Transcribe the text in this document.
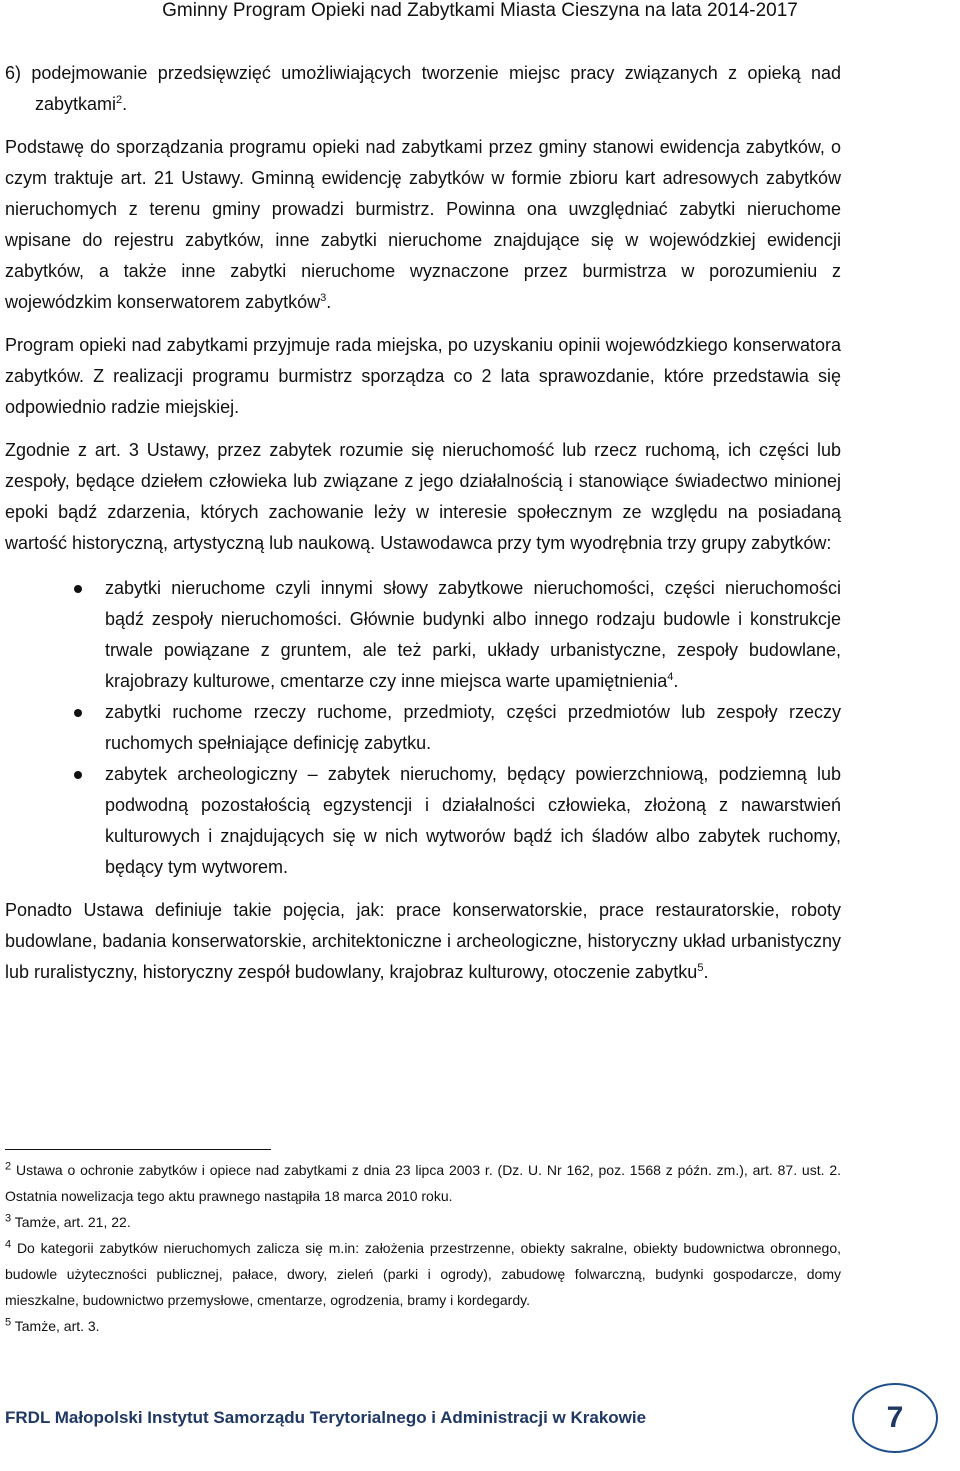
Gminny Program Opieki nad Zabytkami Miasta Cieszyna na lata 2014-2017

6) podejmowanie przedsięwzięć umożliwiających tworzenie miejsc pracy związanych z opieką nad zabytkami$^2$.

Podstawę do sporządzania programu opieki nad zabytkami przez gminy stanowi ewidencja zabytków, o czym traktuje art. 21 Ustawy. Gminną ewidencję zabytków w formie zbioru kart adresowych zabytków nieruchomych z terenu gminy prowadzi burmistrz. Powinna ona uwzględniać zabytki nieruchome wpisane do rejestru zabytków, inne zabytki nieruchome znajdujące się w wojewódzkiej ewidencji zabytków, a także inne zabytki nieruchome wyznaczone przez burmistrza w porozumieniu z wojewódzkim konserwatorem zabytków$^3$.

Program opieki nad zabytkami przyjmuje rada miejska, po uzyskaniu opinii wojewódzkiego konserwatora zabytków. Z realizacji programu burmistrz sporządza co 2 lata sprawozdanie, które przedstawia się odpowiednio radzie miejskiej.

Zgodnie z art. 3 Ustawy, przez zabytek rozumie się nieruchomość lub rzecz ruchomą, ich części lub zespoły, będące dziełem człowieka lub związane z jego działalnością i stanowiące świadectwo minionej epoki bądź zdarzenia, których zachowanie leży w interesie społecznym ze względu na posiadaną wartość historyczną, artystyczną lub naukową. Ustawodawca przy tym wyodrębnia trzy grupy zabytków:

zabytki nieruchome czyli innymi słowy zabytkowe nieruchomości, części nieruchomości bądź zespoły nieruchomości. Głównie budynki albo innego rodzaju budowle i konstrukcje trwale powiązane z gruntem, ale też parki, układy urbanistyczne, zespoły budowlane, krajobrazy kulturowe, cmentarze czy inne miejsca warte upamiętnienia$^4$.
zabytki ruchome rzeczy ruchome, przedmioty, części przedmiotów lub zespoły rzeczy ruchomych spełniające definicję zabytku.
zabytek archeologiczny – zabytek nieruchomy, będący powierzchniową, podziemną lub podwodną pozostałością egzystencji i działalności człowieka, złożoną z nawarstwień kulturowych i znajdujących się w nich wytworów bądź ich śladów albo zabytek ruchomy, będący tym wytworem.

Ponadto Ustawa definiuje takie pojęcia, jak: prace konserwatorskie, prace restauratorskie, roboty budowlane, badania konserwatorskie, architektoniczne i archeologiczne, historyczny układ urbanistyczny lub ruralistyczny, historyczny zespół budowlany, krajobraz kulturowy, otoczenie zabytku$^5$.

$^2$ Ustawa o ochronie zabytków i opiece nad zabytkami z dnia 23 lipca 2003 r. (Dz. U. Nr 162, poz. 1568 z późn. zm.), art. 87. ust. 2. Ostatnia nowelizacja tego aktu prawnego nastąpiła 18 marca 2010 roku.

$^3$ Tamże, art. 21, 22.

$^4$ Do kategorii zabytków nieruchomych zalicza się m.in: założenia przestrzenne, obiekty sakralne, obiekty budownictwa obronnego, budowle użyteczności publicznej, pałace, dwory, zieleń (parki i ogrody), zabudowę folwarczną, budynki gospodarcze, domy mieszkalne, budownictwo przemysłowe, cmentarze, ogrodzenia, bramy i kordegardy.

$^5$ Tamże, art. 3.

FRDL Małopolski Instytut Samorządu Terytorialnego i Administracji w Krakowie	7
